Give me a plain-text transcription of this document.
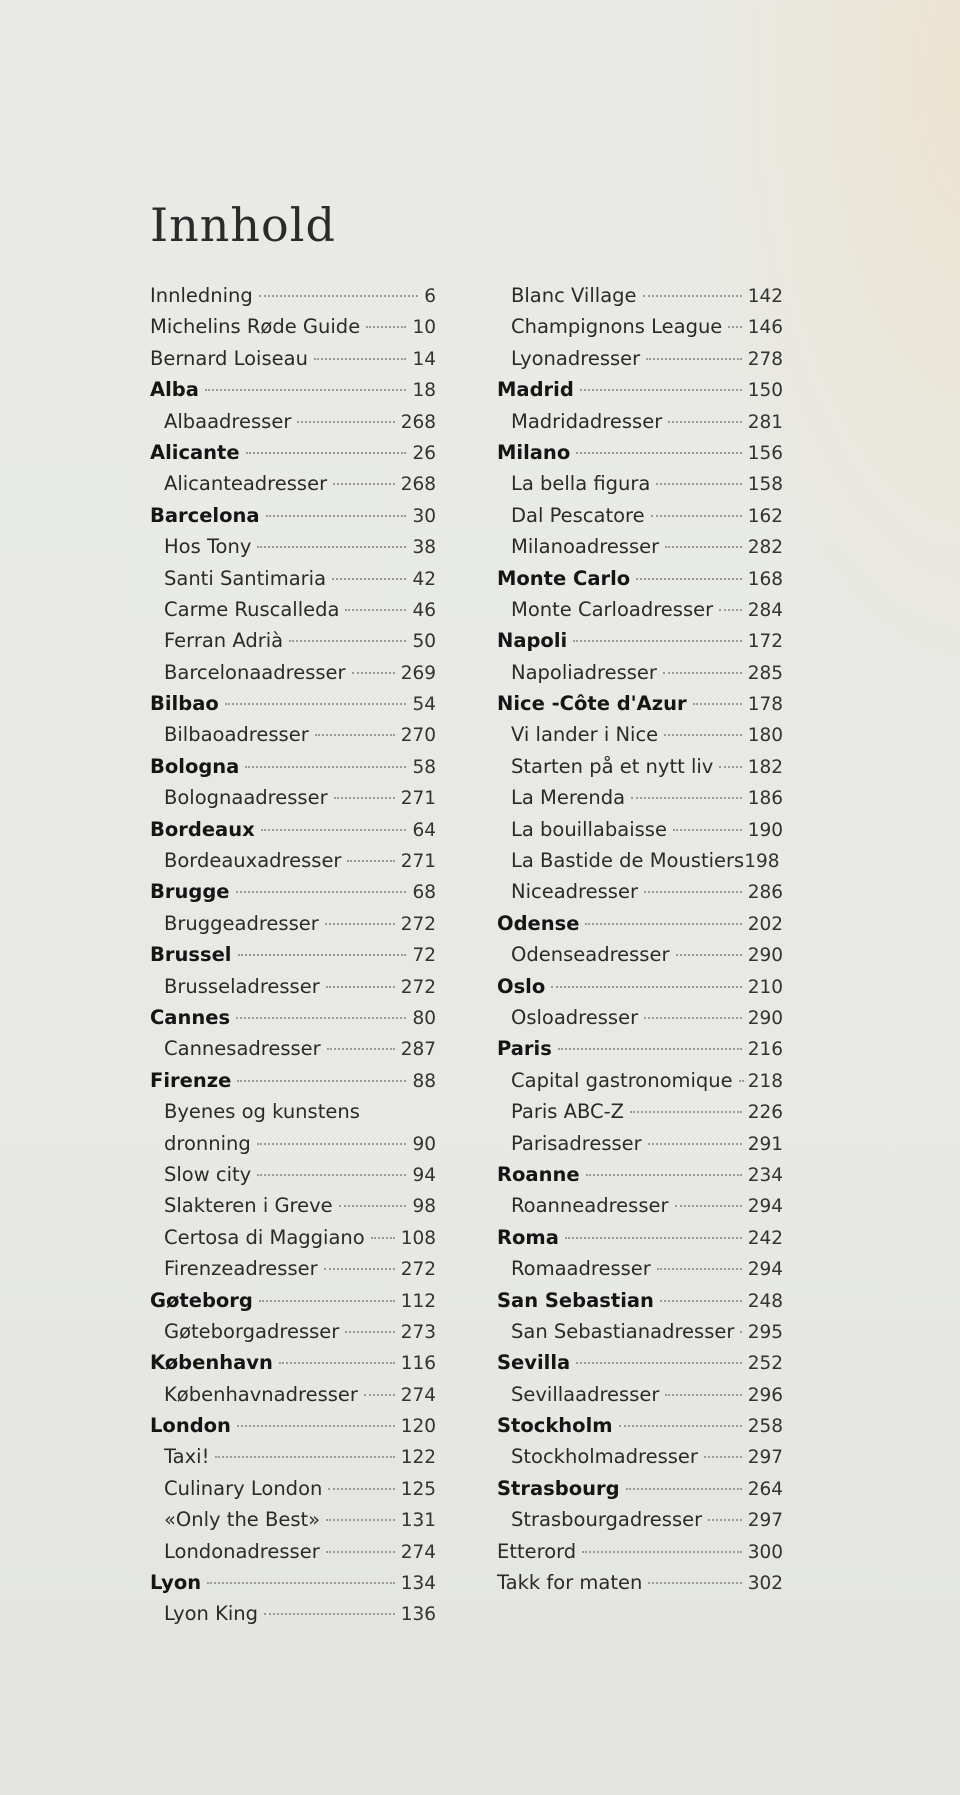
Innhold
Innledning	6
Michelins Røde Guide	10
Bernard Loiseau	14
Alba	18
Albaadresser	268
Alicante	26
Alicanteadresser	268
Barcelona	30
Hos Tony	38
Santi Santimaria	42
Carme Ruscalleda	46
Ferran Adrià	50
Barcelonaadresser	269
Bilbao	54
Bilbaoadresser	270
Bologna	58
Bolognaadresser	271
Bordeaux	64
Bordeauxadresser	271
Brugge	68
Bruggeadresser	272
Brussel	72
Brusseladresser	272
Cannes	80
Cannesadresser	287
Firenze	88
Byenes og kunstens
dronning	90
Slow city	94
Slakteren i Greve	98
Certosa di Maggiano 108
Firenzeadresser	272
Gøteborg	112
Gøteborgadresser	273
København	116
Københavnadresser 274
London	120
Taxi!	122
Culinary London	125
«Only the Best»	131
Londonadresser	274
Lyon	134
Lyon King	136
Blanc Village	142
Champignons League 146
Lyonadresser	278
Madrid	150
Madridadresser	281
Milano	156
La bella figura	158
Dal Pescatore	162
Milanoadresser	282
Monte Carlo	168
Monte Carloadresser 284
Napoli	172
Napoliadresser	285
Nice -Côte d'Azur	178
Vi lander i Nice	180
Starten på et nytt liv 182
La Merenda	186
La bouillabaisse	190
La Bastide de Moustiers 198
Niceadresser	286
Odense	202
Odenseadresser	290
Oslo	210
Osloadresser	290
Paris	216
Capital gastronomique 218
Paris ABC-Z	226
Parisadresser	291
Roanne	234
Roanneadresser	294
Roma	242
Romaadresser	294
San Sebastian	248
San Sebastianadresser 295
Sevilla	252
Sevillaadresser	296
Stockholm	258
Stockholmadresser	297
Strasbourg	264
Strasbourgadresser 297
Etterord	300
Takk for maten	302
